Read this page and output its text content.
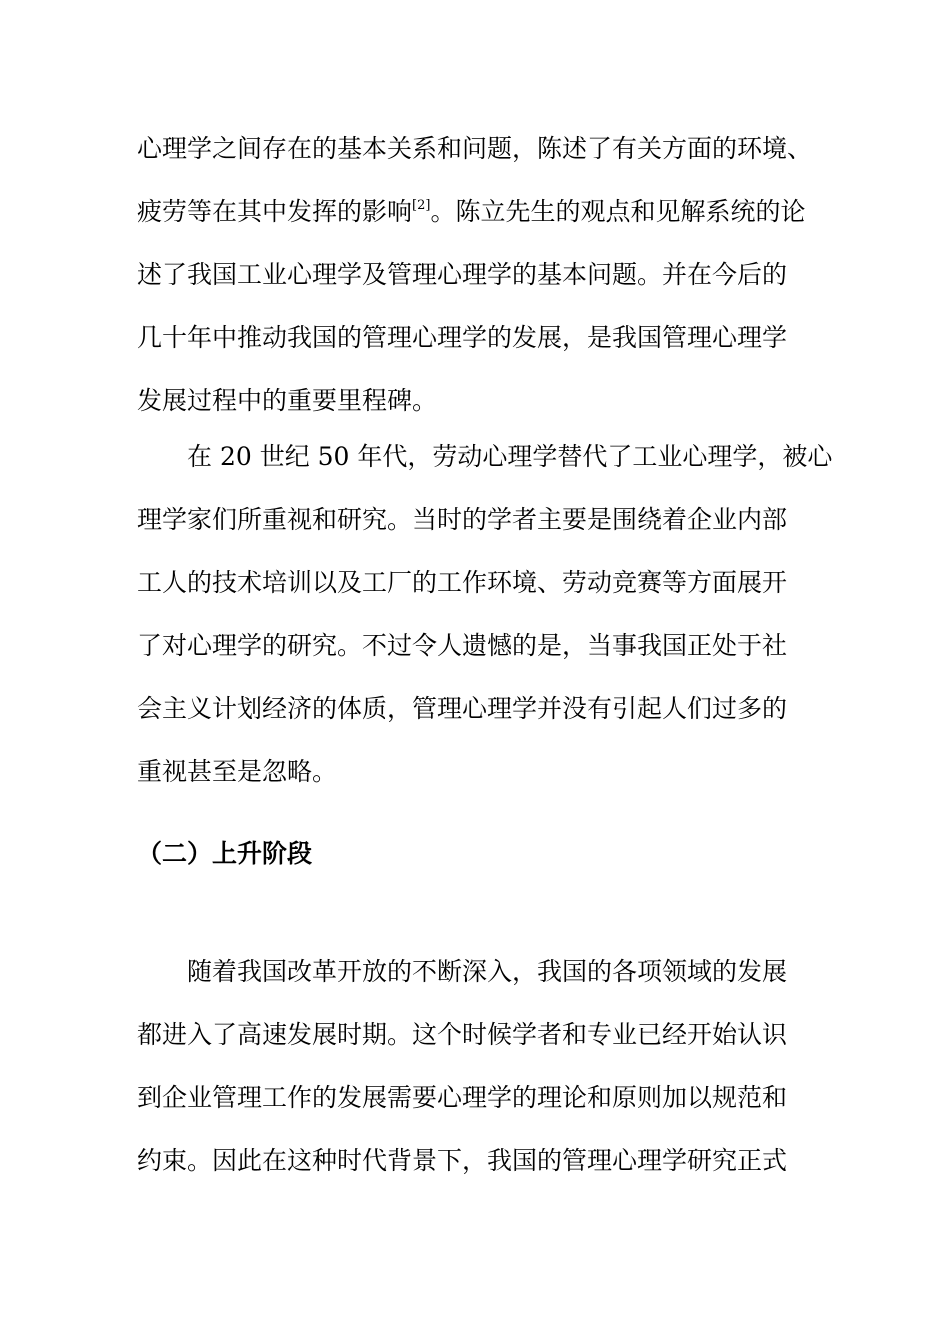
心理学之间存在的基本关系和问题，陈述了有关方面的环境、
疲劳等在其中发挥的影响[2]。陈立先生的观点和见解系统的论
述了我国工业心理学及管理心理学的基本问题。并在今后的
几十年中推动我国的管理心理学的发展，是我国管理心理学
发展过程中的重要里程碑。
在 20 世纪 50 年代，劳动心理学替代了工业心理学，被心
理学家们所重视和研究。当时的学者主要是围绕着企业内部
工人的技术培训以及工厂的工作环境、劳动竞赛等方面展开
了对心理学的研究。不过令人遗憾的是，当事我国正处于社
会主义计划经济的体质，管理心理学并没有引起人们过多的
重视甚至是忽略。
（二）上升阶段
随着我国改革开放的不断深入，我国的各项领域的发展
都进入了高速发展时期。这个时候学者和专业已经开始认识
到企业管理工作的发展需要心理学的理论和原则加以规范和
约束。因此在这种时代背景下，我国的管理心理学研究正式
